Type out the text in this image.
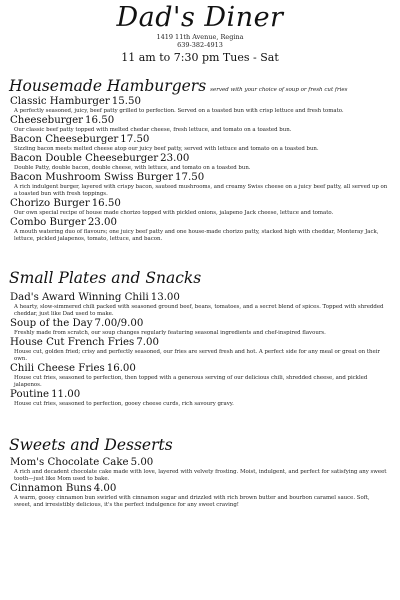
Dad's Diner
1419 11th Avenue, Regina
639-382-4913
11 am to 7:30 pm Tues - Sat
Housemade Hamburgers served with your choice of soup or fresh cut fries
Classic Hamburger 15.50
A perfectly seasoned, juicy, beef patty grilled to perfection. Served on a toasted bun with crisp lettuce and fresh tomato.
Cheeseburger 16.50
Our classic beef patty topped with melted chedar cheese, fresh lettuce, and tomato on a toasted bun.
Bacon Cheeseburger 17.50
Sizzling bacon meets melted cheese atop our juicy beef patty, served with lettuce and tomato on a toasted bun.
Bacon Double Cheeseburger 23.00
Double Patty, double bacon, double cheese, with lettuce, and tomato on a toasted bun.
Bacon Mushroom Swiss Burger 17.50
A rich indulgent burger, layered with crispy bacon, sauteed mushrooms, and creamy Swiss cheese on a juicy beef patty, all served up on a toasted bun with fresh toppings.
Chorizo Burger 16.50
Our own special recipe of house made chorizo topped with pickled onions, jalapeno Jack cheese, lettuce and tomato.
Combo Burger 23.00
A mouth watering duo of flavours; one juicy beef patty and one house-made chorizo patty, stacked high with cheddar, Monteray Jack, lettuce, pickled jalapenos, tomato, lettuce, and bacon.
Small Plates and Snacks
Dad's Award Winning Chili 13.00
A hearty, slow-simmered chili packed with seasoned ground beef, beans, tomatoes, and a secret blend of spices. Topped with shredded cheddar, just like Dad used to make.
Soup of the Day 7.00/9.00
Freshly made from scratch, our soup changes regularly featuring seasonal ingredients and chef-inspired flavours.
House Cut French Fries 7.00
House cut, golden fried; crisy and perfectly seasoned, our fries are served fresh and hot. A perfect side for any meal or great on their own.
Chili Cheese Fries 16.00
House cut fries, seasoned to perfection, then topped with a generous serving of our delicious chili, shredded cheese, and pickled jalapenos.
Poutine 11.00
House cut fries, seasoned to perfection, gooey cheese curds, rich savoury gravy.
Sweets and Desserts
Mom's Chocolate Cake 5.00
A rich and decadent chocolate cake made with love, layered with velvety frosting. Moist, indulgent, and perfect for satisfying any sweet tooth—just like Mom used to bake.
Cinnamon Buns 4.00
A warm, gooey cinnamon bun swirled with cinnamon sugar and drizzled with rich brown butter and bourbon caramel sauce. Soft, sweet, and irresistibly delicious, it's the perfect indulgence for any sweet craving!
